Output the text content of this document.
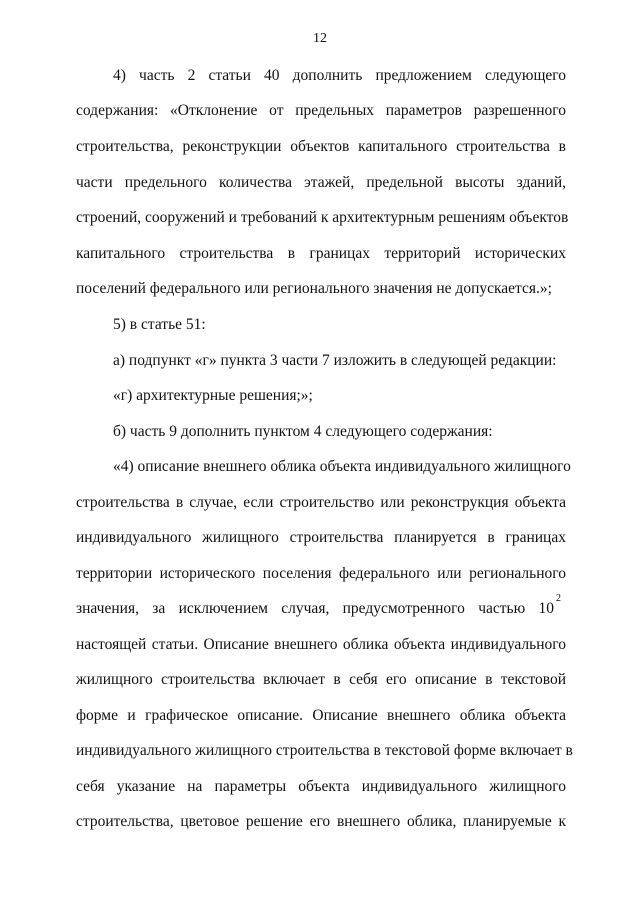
12
4) часть 2 статьи 40 дополнить предложением следующего
содержания: «Отклонение от предельных параметров разрешенного
строительства, реконструкции объектов капитального строительства в
части предельного количества этажей, предельной высоты зданий,
строений, сооружений и требований к архитектурным решениям объектов
капитального строительства в границах территорий исторических
поселений федерального или регионального значения не допускается.»;
5) в статье 51:
а) подпункт «г» пункта 3 части 7 изложить в следующей редакции:
«г) архитектурные решения;»;
б) часть 9 дополнить пунктом 4 следующего содержания:
«4) описание внешнего облика объекта индивидуального жилищного
строительства в случае, если строительство или реконструкция объекта
индивидуального жилищного строительства планируется в границах
территории исторического поселения федерального или регионального
значения, за исключением случая, предусмотренного частью 10
2
настоящей статьи. Описание внешнего облика объекта индивидуального
жилищного строительства включает в себя его описание в текстовой
форме и графическое описание. Описание внешнего облика объекта
индивидуального жилищного строительства в текстовой форме включает в
себя указание на параметры объекта индивидуального жилищного
строительства, цветовое решение его внешнего облика, планируемые к
